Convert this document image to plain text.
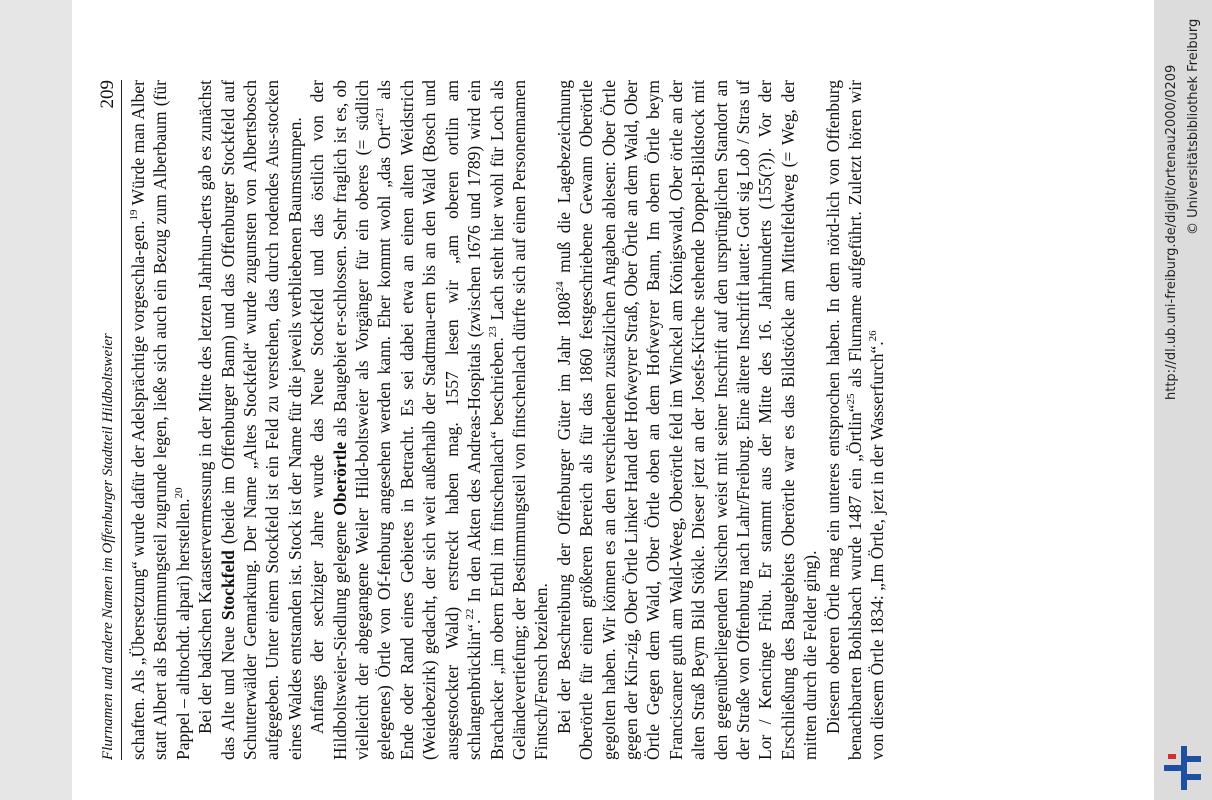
Flurnamen und andere Namen im Offenburger Stadtteil Hildboltsweier
209

schaften. Als „Übersetzung“ wurde dafür der Adelsprächtige vorgeschla-gen.$^{19}$ Würde man Alber statt Albert als Bestimmungsteil zugrunde legen, ließe sich auch ein Bezug zum Alberbaum (für Pappel – althochdt. alpari) herstellen.$^{20}$ Bei der badischen Katastervermessung in der Mitte des letzten Jahrhun-derts gab es zunächst das Alte und Neue Stockfeld (beide im Offenburger Bann) und das Offenburger Stockfeld auf Schutterwälder Gemarkung. Der Name „Altes Stockfeld“ wurde zugunsten von Albertsbosch aufgegeben. Unter einem Stockfeld ist ein Feld zu verstehen, das durch rodendes Aus-stocken eines Waldes entstanden ist. Stock ist der Name für die jeweils verbliebenen Baumstumpen. Anfangs der sechziger Jahre wurde das Neue Stockfeld und das östlich von der Hildboltsweier-Siedlung gelegene Oberörtle als Baugebiet er-schlossen. Sehr fraglich ist es, ob vielleicht der abgegangene Weiler Hild-boltsweier als Vorgänger für ein oberes (= südlich gelegenes) Örtle von Of-fenburg angesehen werden kann. Eher kommt wohl „das Ort“$^{21}$ als Ende oder Rand eines Gebietes in Betracht. Es sei dabei etwa an einen alten Weidstrich (Weidebezirk) gedacht, der sich weit außerhalb der Stadtmau-ern bis an den Wald (Bosch und ausgestockter Wald) erstreckt haben mag. 1557 lesen wir „am oberen ortlin am schlangenbrücklin“.$^{22}$ In den Akten des Andreas-Hospitals (zwischen 1676 und 1789) wird ein Brachacker „im obern Erthl im fintschenlach“ beschrieben.$^{23}$ Lach steht hier wohl für Loch als Geländevertiefung; der Bestimmungsteil von fintschenlach dürfte sich auf einen Personennamen Fintsch/Fensch beziehen. Bei der Beschreibung der Offenburger Güter im Jahr 1808$^{24}$ muß die Lagebezeichnung Oberörtle für einen größeren Bereich als für das 1860 festgeschriebene Gewann Oberörtle gegolten haben. Wir können es an den verschiedenen zusätzlichen Angaben ablesen: Ober Örtle gegen der Kin-zig, Ober Örtle Linker Hand der Hofweyrer Straß, Ober Örtle an dem Wald, Ober Örtle Gegen dem Wald, Ober Örtle oben an dem Hofweyrer Bann, Im obern Örtle beym Franciscaner guth am Wald-Weeg, Oberörtle feld im Winckel am Königswald, Ober örtle an der alten Straß Beym Bild Stökle. Dieser jetzt an der Josefs-Kirche stehende Doppel-Bildstock mit den gegenüberliegenden Nischen weist mit seiner Inschrift auf den ursprünglichen Standort an der Straße von Offenburg nach Lahr/Freiburg. Eine ältere Inschrift lautet: Gott sig Lob / Stras uf Lor / Kencinge Fribu. Er stammt aus der Mitte des 16. Jahrhunderts (155(?)). Vor der Erschließung des Baugebiets Oberörtle war es das Bildstöckle am Mittelfeldweg (= Weg, der mitten durch die Felder ging). Diesem oberen Örtle mag ein unteres entsprochen haben. In dem nörd-lich von Offenburg benachbarten Bohlsbach wurde 1487 ein „Örtlin“$^{25}$ als Flurname aufgeführt. Zuletzt hören wir von diesem Örtle 1834: „Im Örtle, jezt in der Wasserfurch“.$^{26}$	http://dl.ub.uni-freiburg.de/diglit/ortenau2000/0209 © Universitätsbibliothek Freiburg
